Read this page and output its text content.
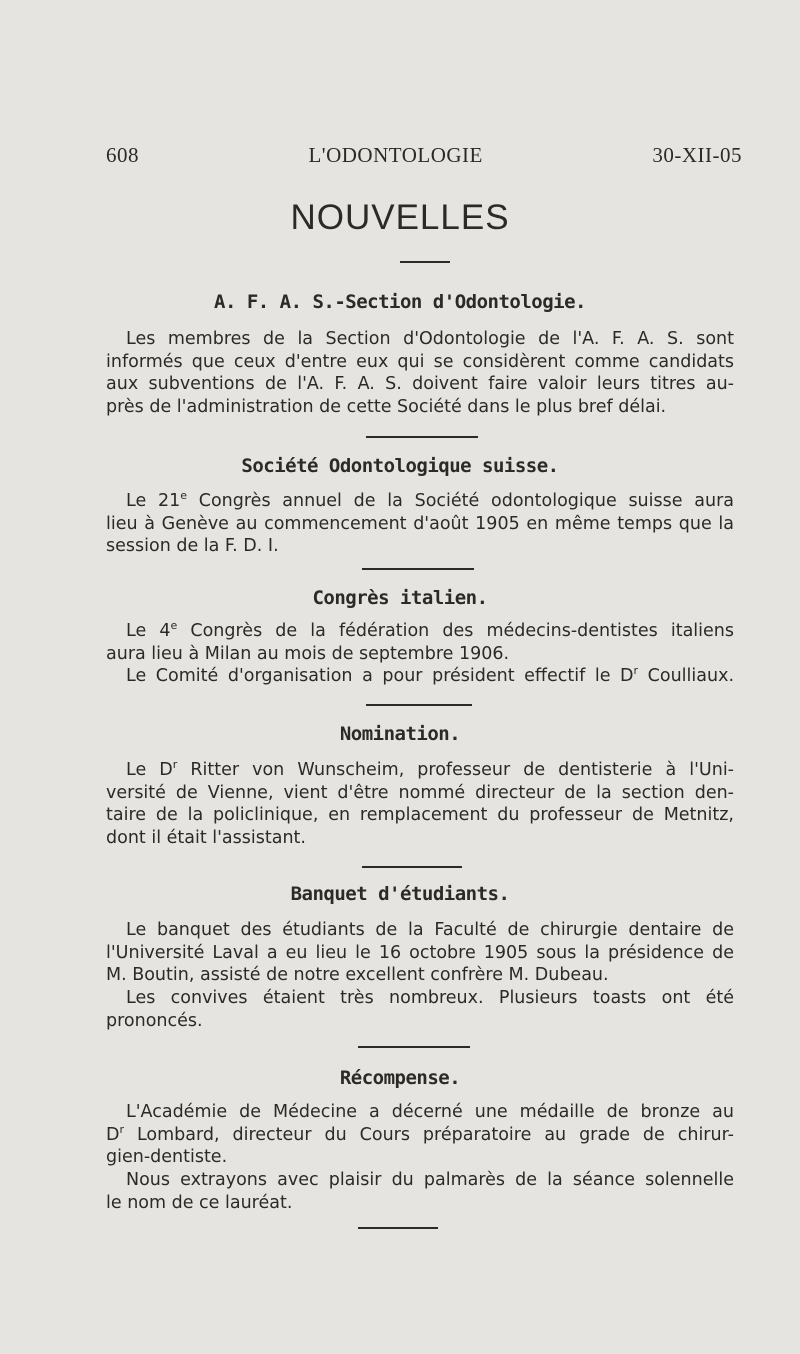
608	L'ODONTOLOGIE	30-XII-05
NOUVELLES
A. F. A. S.-Section d'Odontologie.
Les membres de la Section d'Odontologie de l'A. F. A. S. sont
informés que ceux d'entre eux qui se considèrent comme candidats
aux subventions de l'A. F. A. S. doivent faire valoir leurs titres au-
près de l'administration de cette Société dans le plus bref délai.
Société Odontologique suisse.
Le 21e Congrès annuel de la Société odontologique suisse aura
lieu à Genève au commencement d'août 1905 en même temps que la
session de la F. D. I.
Congrès italien.
Le 4e Congrès de la fédération des médecins-dentistes italiens
aura lieu à Milan au mois de septembre 1906.
Le Comité d'organisation a pour président effectif le $D^r$ Coulliaux.
Nomination.
Le $D^r$ Ritter von Wunscheim, professeur de dentisterie à l'Uni-
versité de Vienne, vient d'être nommé directeur de la section den-
taire de la policlinique, en remplacement du professeur de Metnitz,
dont il était l'assistant.
Banquet d'étudiants.
Le banquet des étudiants de la Faculté de chirurgie dentaire de
l'Université Laval a eu lieu le 16 octobre 1905 sous la présidence de
M. Boutin, assisté de notre excellent confrère M. Dubeau.
Les convives étaient très nombreux. Plusieurs toasts ont été
prononcés.
Récompense.
L'Académie de Médecine a décerné une médaille de bronze au
$D^r$ Lombard, directeur du Cours préparatoire au grade de chirur-
gien-dentiste.
Nous extrayons avec plaisir du palmarès de la séance solennelle
le nom de ce lauréat.
